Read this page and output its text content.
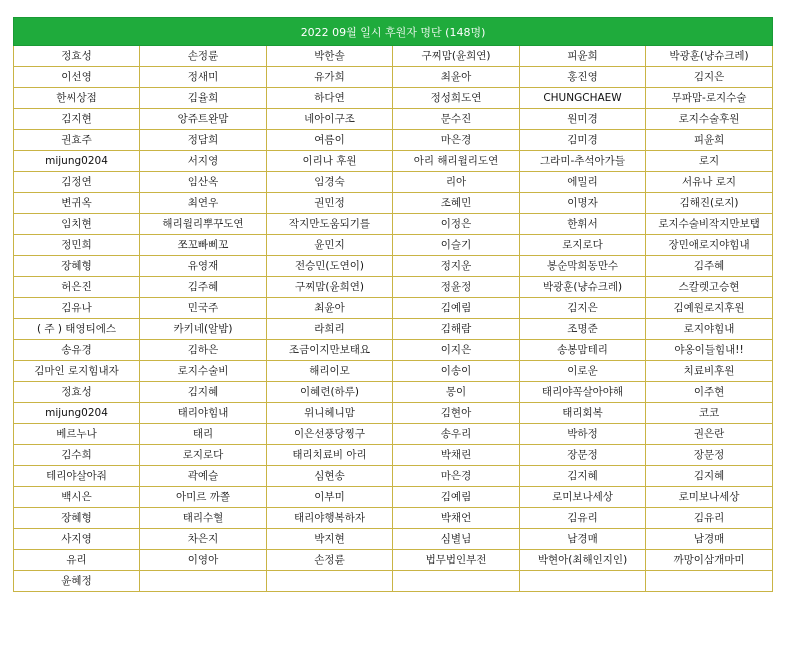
2022 09월 일시 후원자 명단 (148명)					
정효성	손정륜	박한솔	구찌맘(윤희연)	피윤희	박광훈(냥슈크레)
이선영	정새미	유가희	최윤아	홍진영	김지은
한씨상점	김율희	하다연	정성희도연	CHUNGCHAEW	무파맘-로지수술
김지현	앙쥬트완맘	네아이구조	문수진	원미경	로지수술후원
권효주	정담희	여름이	마은경	김미경	피윤희
mijung0204	서지영	이리나 후원	아리 해리윌리도연	그라미-추석아가들	로지
김정연	임산옥	임경숙	리아	에밀리	서유나 로지
변귀옥	최연우	권민정	조혜민	이명자	김해진(로지)
임치현	해리윌리뿌꾸도연	작지만도움되기를	이정은	한휘서	로지수술비작지만보탭
정민희	쪼꼬빠삐꼬	윤민지	이슬기	로지로다	장민애로지야힘내
장혜형	유영재	전승민(도연이)	정지운	봉순막희동만수	김주혜
허은진	김주혜	구찌맘(윤희연)	정윤정	박광훈(냥슈크레)	스칼렛고승현
김유나	민국주	최윤아	김예림	김지은	김예원로지후원
( 주 ) 태영티에스	카키네(알밤)	라희리	김해람	조명준	로지야힘내
송유경	김하은	조금이지만보태요	이지은	송봉맘테리	야옹이들힘내!!
김마인 로지힘내자	로지수술비	해리이모	이송이	이로운	치료비후원
정효성	김지혜	이혜련(하루)	몽이	태리야꼭살아야해	이주현
mijung0204	태리야힘내	위니헤니맘	김현아	태리회복	코코
베르누나	태리	이은선풍당찡구	송우리	박하정	권은란
김수희	로지로다	태리치료비 아리	박채린	장문정	장문정
테리야살아줘	곽예슬	심현송	마은경	김지혜	김지혜
백시은	아미르 까쫄	이부미	김예림	로미보나세상	로미보나세상
장혜형	태리수혈	태리야행복하자	박채언	김유리	김유리
사지영	차은지	박지현	심별님	남경매	남경매
유리	이영아	손정륜	법무법인부전	박현아(최해인지인)	까망이삼개마미
윤혜정					
